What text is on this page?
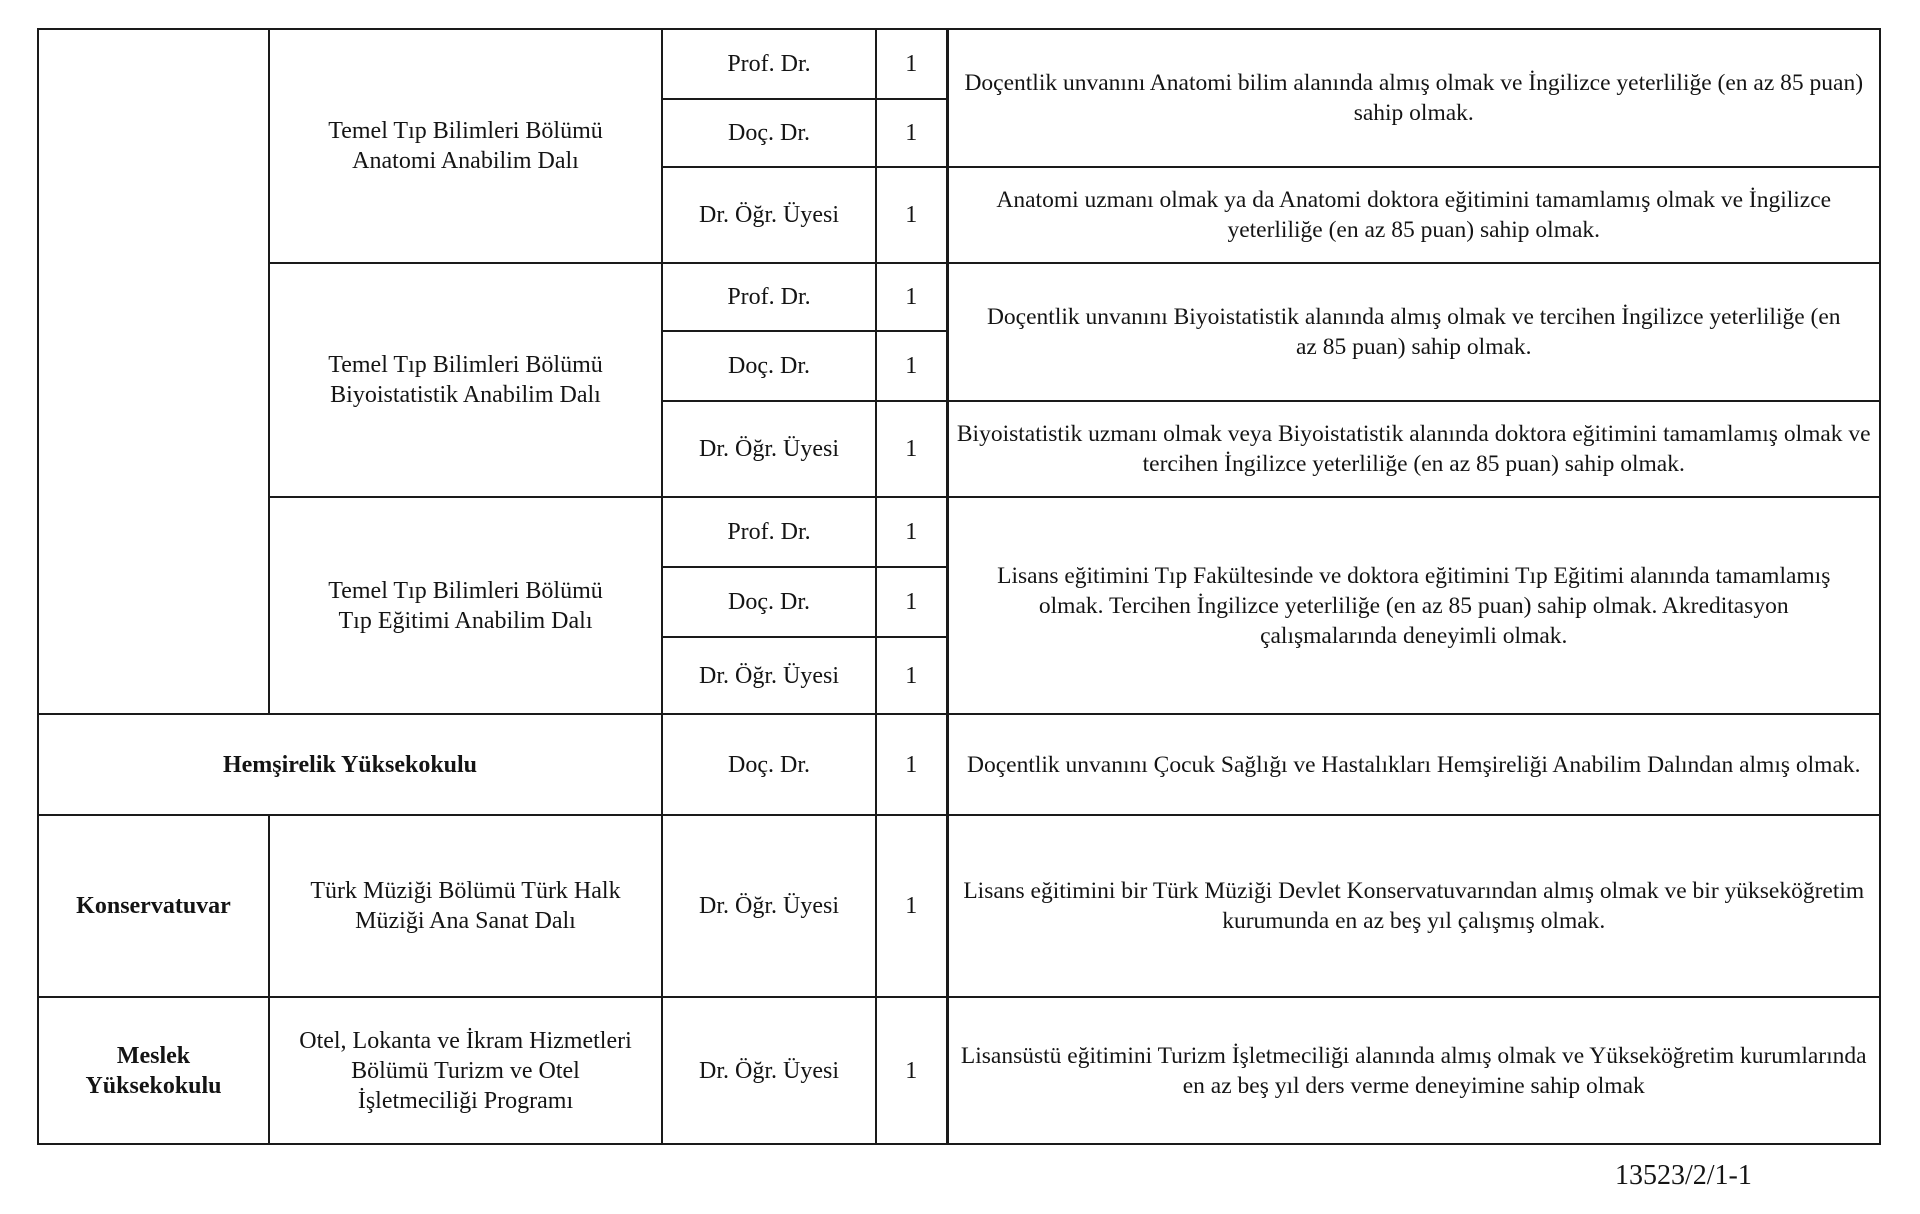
	Temel Tıp Bilimleri Bölümü Anatomi Anabilim Dalı	Prof. Dr.	1	Doçentlik unvanını Anatomi bilim alanında almış olmak ve İngilizce yeterliliğe (en az 85 puan) sahip olmak.
		Doç. Dr.	1	
		Dr. Öğr. Üyesi	1	Anatomi uzmanı olmak ya da Anatomi doktora eğitimini tamamlamış olmak ve İngilizce yeterliliğe (en az 85 puan) sahip olmak.
	Temel Tıp Bilimleri Bölümü Biyoistatistik Anabilim Dalı	Prof. Dr.	1	Doçentlik unvanını Biyoistatistik alanında almış olmak ve tercihen İngilizce yeterliliğe (en az 85 puan) sahip olmak.
		Doç. Dr.	1	
		Dr. Öğr. Üyesi	1	Biyoistatistik uzmanı olmak veya Biyoistatistik alanında doktora eğitimini tamamlamış olmak ve tercihen İngilizce yeterliliğe (en az 85 puan) sahip olmak.
	Temel Tıp Bilimleri Bölümü Tıp Eğitimi Anabilim Dalı	Prof. Dr.	1	Lisans eğitimini Tıp Fakültesinde ve doktora eğitimini Tıp Eğitimi alanında tamamlamış olmak. Tercihen İngilizce yeterliliğe (en az 85 puan) sahip olmak. Akreditasyon çalışmalarında deneyimli olmak.
		Doç. Dr.	1	
		Dr. Öğr. Üyesi	1	
Hemşirelik Yüksekokulu		Doç. Dr.	1	Doçentlik unvanını Çocuk Sağlığı ve Hastalıkları Hemşireliği Anabilim Dalından almış olmak.
Konservatuvar	Türk Müziği Bölümü Türk Halk Müziği Ana Sanat Dalı	Dr. Öğr. Üyesi	1	Lisans eğitimini bir Türk Müziği Devlet Konservatuvarından almış olmak ve bir yükseköğretim kurumunda en az beş yıl çalışmış olmak.
Meslek Yüksekokulu	Otel, Lokanta ve İkram Hizmetleri Bölümü Turizm ve Otel İşletmeciliği Programı	Dr. Öğr. Üyesi	1	Lisansüstü eğitimini Turizm İşletmeciliği alanında almış olmak ve Yükseköğretim kurumlarında en az beş yıl ders verme deneyimine sahip olmak
13523/2/1-1
